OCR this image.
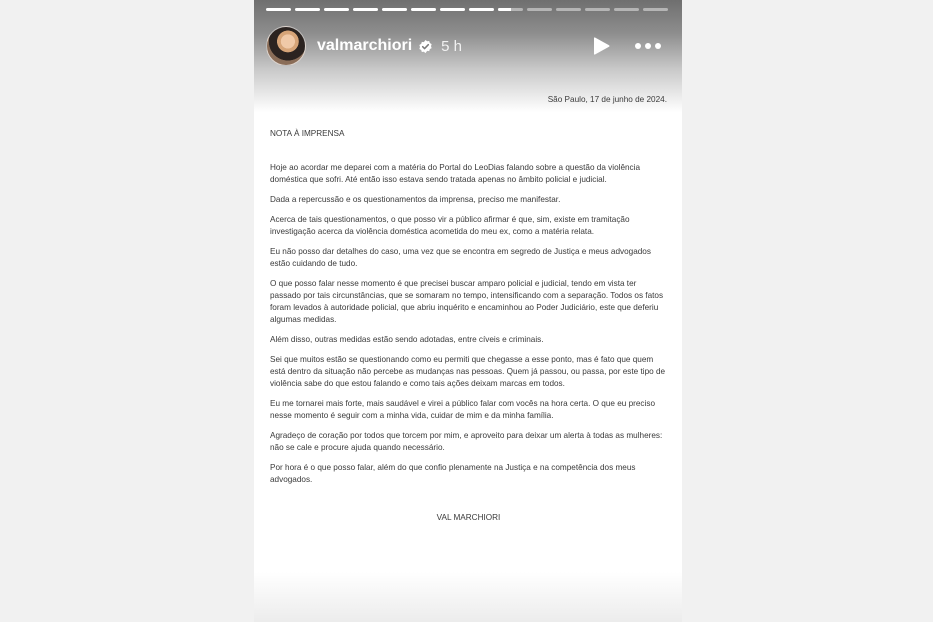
valmarchiori 5 h
São Paulo, 17 de junho de 2024.
NOTA À IMPRENSA

Hoje ao acordar me deparei com a matéria do Portal do LeoDias falando sobre a questão da violência doméstica que sofri. Até então isso estava sendo tratada apenas no âmbito policial e judicial.

Dada a repercussão e os questionamentos da imprensa, preciso me manifestar.

Acerca de tais questionamentos, o que posso vir a público afirmar é que, sim, existe em tramitação investigação acerca da violência doméstica acometida do meu ex, como a matéria relata.

Eu não posso dar detalhes do caso, uma vez que se encontra em segredo de Justiça e meus advogados estão cuidando de tudo.

O que posso falar nesse momento é que precisei buscar amparo policial e judicial, tendo em vista ter passado por tais circunstâncias, que se somaram no tempo, intensificando com a separação. Todos os fatos foram levados à autoridade policial, que abriu inquérito e encaminhou ao Poder Judiciário, este que deferiu algumas medidas.

Além disso, outras medidas estão sendo adotadas, entre cíveis e criminais.

Sei que muitos estão se questionando como eu permiti que chegasse a esse ponto, mas é fato que quem está dentro da situação não percebe as mudanças nas pessoas. Quem já passou, ou passa, por este tipo de violência sabe do que estou falando e como tais ações deixam marcas em todos.

Eu me tornarei mais forte, mais saudável e virei a público falar com vocês na hora certa. O que eu preciso nesse momento é seguir com a minha vida, cuidar de mim e da minha família.

Agradeço de coração por todos que torcem por mim, e aproveito para deixar um alerta à todas as mulheres: não se cale e procure ajuda quando necessário.

Por hora é o que posso falar, além do que confio plenamente na Justiça e na competência dos meus advogados.

VAL MARCHIORI
